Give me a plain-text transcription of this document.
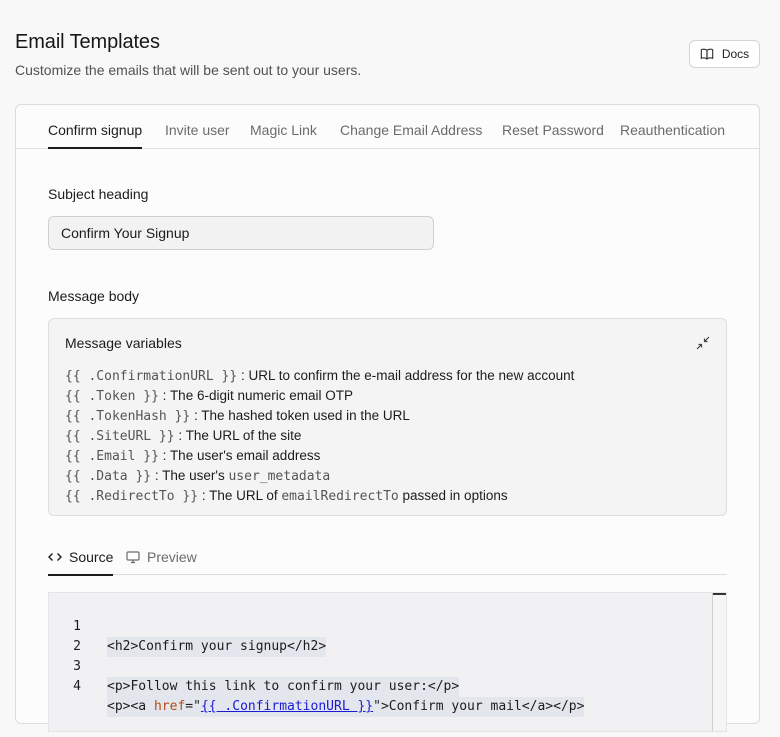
Email Templates
Customize the emails that will be sent out to your users.
Docs
Confirm signup Invite user Magic Link Change Email Address Reset Password Reauthentication
Subject heading
Confirm Your Signup
Message body
Message variables
{{ .ConfirmationURL }} : URL to confirm the e-mail address for the new account
{{ .Token }} : The 6-digit numeric email OTP
{{ .TokenHash }} : The hashed token used in the URL
{{ .SiteURL }} : The URL of the site
{{ .Email }} : The user's email address
{{ .Data }} : The user's user_metadata
{{ .RedirectTo }} : The URL of emailRedirectTo passed in options
Source Preview

1

<h2>Confirm your signup</h2>

2

3

<p>Follow this link to confirm your user:</p>

4

<p><a href="{{ .ConfirmationURL }}">Confirm your mail</a></p>
